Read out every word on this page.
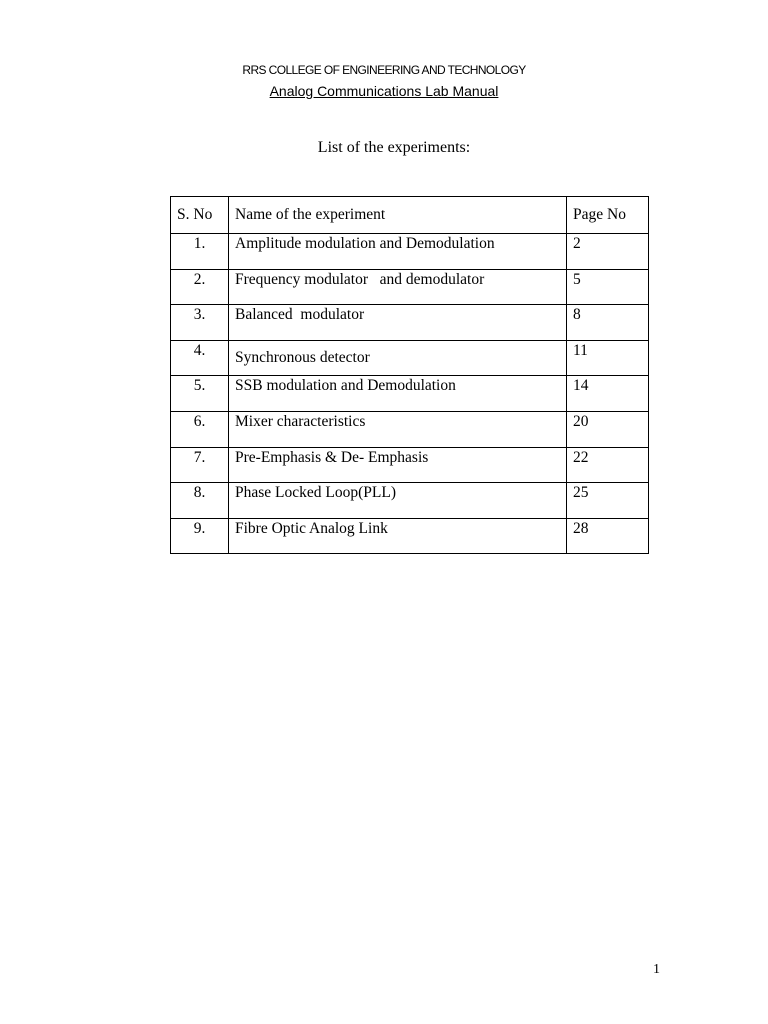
RRS COLLEGE OF ENGINEERING AND TECHNOLOGY
Analog Communications Lab Manual
List of the experiments:
S. No	Name of the experiment	Page No
1.	Amplitude modulation and Demodulation	2
2.	Frequency modulator   and demodulator	5
3.	Balanced  modulator	8
4.	Synchronous detector	11
5.	SSB modulation and Demodulation	14
6.	Mixer characteristics	20
7.	Pre-Emphasis & De- Emphasis	22
8.	Phase Locked Loop(PLL)	25
9.	Fibre Optic Analog Link	28
1
